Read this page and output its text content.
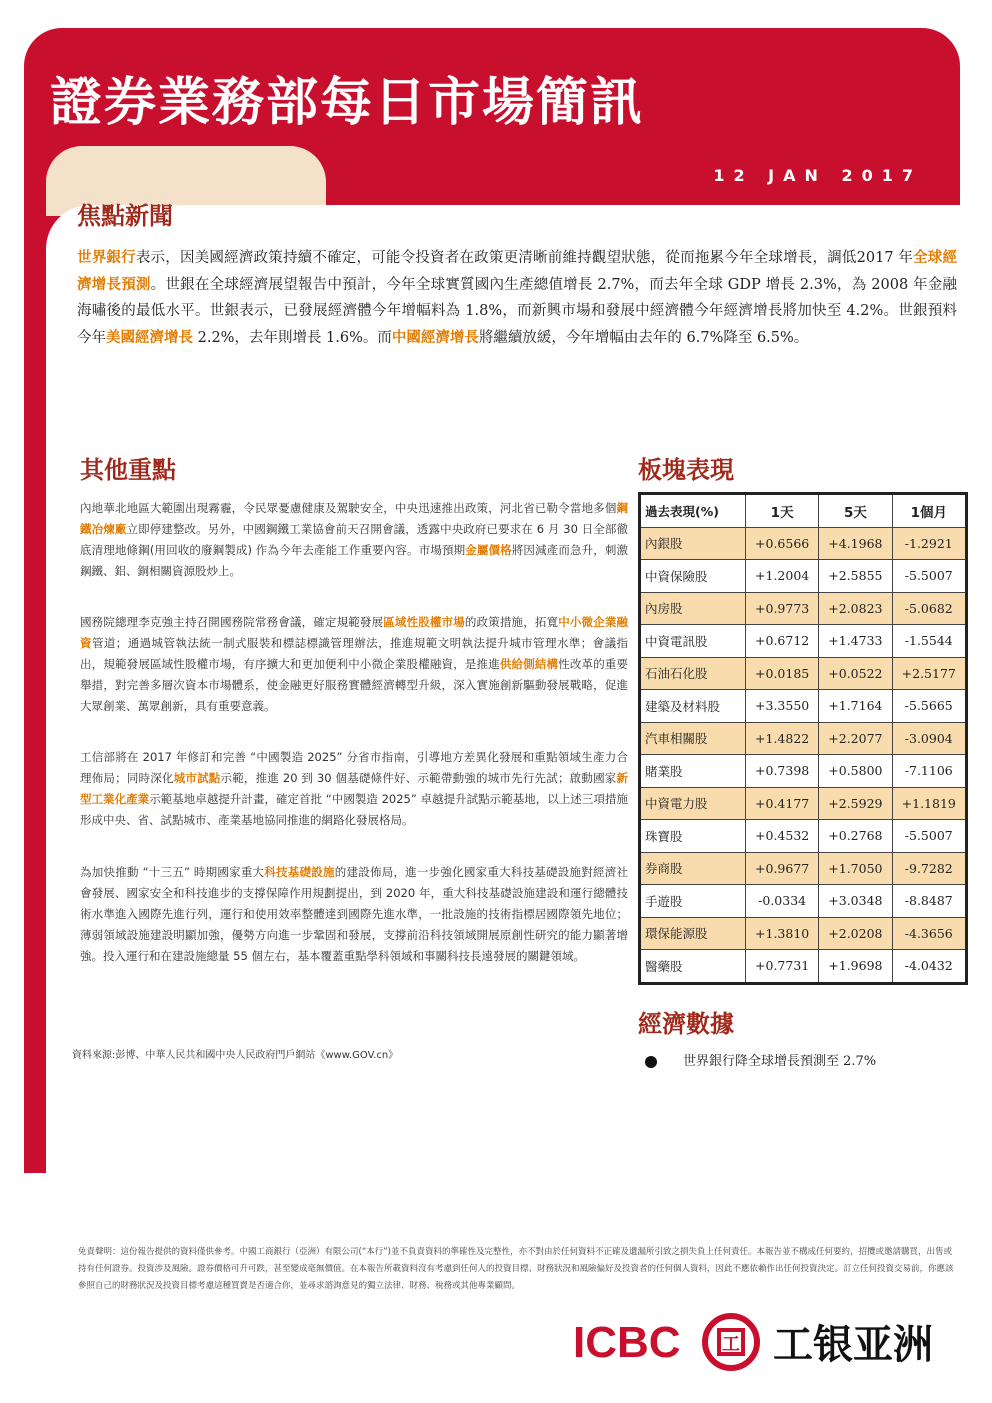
證券業務部每日市場簡訊
12 JAN 2017
焦點新聞
世界銀行表示，因美國經濟政策持續不確定，可能令投資者在政策更清晰前維持觀望狀態，從而拖累今年全球增長，調低2017 年全球經濟增長預測。世銀在全球經濟展望報告中預計，今年全球實質國內生產總值增長 2.7%，而去年全球 GDP 增長 2.3%，為 2008 年金融海嘯後的最低水平。世銀表示，已發展經濟體今年增幅料為 1.8%，而新興市場和發展中經濟體今年經濟增長將加快至 4.2%。世銀預料今年美國經濟增長 2.2%，去年則增長 1.6%。而中國經濟增長將繼續放緩，今年增幅由去年的 6.7%降至 6.5%。
其他重點
內地華北地區大範圍出現霧霾，令民眾憂慮健康及駕駛安全，中央迅速推出政策，河北省已勒令當地多個鋼鐵冶煉廠立即停建整改。另外，中國鋼鐵工業協會前天召開會議，透露中央政府已要求在 6 月 30 日全部徹底清理地條鋼(用回收的廢鋼製成) 作為今年去產能工作重要內容。市場預期金屬價格將因減產而急升，刺激鋼鐵、鋁、銅相關資源股炒上。
國務院總理李克強主持召開國務院常務會議，確定規範發展區域性股權市場的政策措施，拓寬中小微企業融資管道；通過城管執法統一制式服裝和標誌標識管理辦法，推進規範文明執法提升城市管理水準；會議指出，規範發展區域性股權市場，有序擴大和更加便利中小微企業股權融資，是推進供給側結構性改革的重要舉措，對完善多層次資本市場體系，使金融更好服務實體經濟轉型升級，深入實施創新驅動發展戰略，促進大眾創業、萬眾創新，具有重要意義。
工信部將在 2017 年修訂和完善 “中國製造 2025” 分省市指南，引導地方差異化發展和重點領域生產力合理佈局；同時深化城市試點示範，推進 20 到 30 個基礎條件好、示範帶動強的城市先行先試；啟動國家新型工業化產業示範基地卓越提升計畫，確定首批 “中國製造 2025” 卓越提升試點示範基地，以上述三項措施形成中央、省、試點城市、產業基地協同推進的網路化發展格局。
為加快推動 “十三五” 時期國家重大科技基礎設施的建設佈局，進一步強化國家重大科技基礎設施對經濟社會發展、國家安全和科技進步的支撐保障作用規劃提出，到 2020 年，重大科技基礎設施建設和運行總體技術水準進入國際先進行列，運行和使用效率整體達到國際先進水準，一批設施的技術指標居國際領先地位；薄弱領域設施建設明顯加強，優勢方向進一步鞏固和發展，支撐前沿科技領域開展原創性研究的能力顯著增強。投入運行和在建設施總量 55 個左右，基本覆蓋重點學科領域和事關科技長遠發展的關鍵領域。
資料來源:彭博、中華人民共和國中央人民政府門戶網站《www.GOV.cn》
板塊表現
過去表現(%)	1天	5天	1個月
內銀股	+0.6566	+4.1968	-1.2921
中資保險股	+1.2004	+2.5855	-5.5007
內房股	+0.9773	+2.0823	-5.0682
中資電訊股	+0.6712	+1.4733	-1.5544
石油石化股	+0.0185	+0.0522	+2.5177
建築及材料股	+3.3550	+1.7164	-5.5665
汽車相關股	+1.4822	+2.2077	-3.0904
賭業股	+0.7398	+0.5800	-7.1106
中資電力股	+0.4177	+2.5929	+1.1819
珠寶股	+0.4532	+0.2768	-5.5007
券商股	+0.9677	+1.7050	-9.7282
手遊股	-0.0334	+3.0348	-8.8487
環保能源股	+1.3810	+2.0208	-4.3656
醫藥股	+0.7731	+1.9698	-4.0432
經濟數據
世界銀行降全球增長預測至 2.7%
免責聲明：這份報告提供的資料僅供參考。中國工商銀行（亞洲）有限公司(“本行”)並不負責資料的準確性及完整性，亦不對由於任何資料不正確及遺漏所引致之損失負上任何責任。本報告並不構成任何要約，招攬或邀請購買，出售或持有任何證券。投資涉及風險。證券價格可升可跌，甚至變成毫無價值。在本報告所載資料沒有考慮到任何人的投資目標、財務狀況和風險偏好及投資者的任何個人資料，因此不應依賴作出任何投資決定。訂立任何投資交易前，你應該參照自己的財務狀況及投資目標考慮這種買賣是否適合你，並尋求諮詢意見的獨立法律、財務、稅務或其他專業顧問。
ICBC 工 工银亚洲
